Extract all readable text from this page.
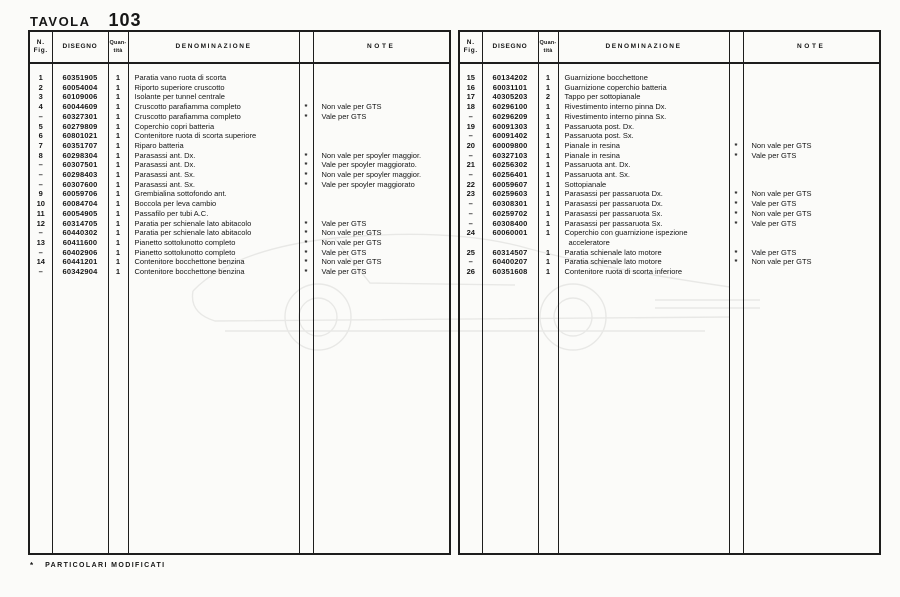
TAVOLA 103
N.
Fig.	DISEGNO	Quan-
tità	DENOMINAZIONE		NOTE
1	60351905	1	Paratia vano ruota di scorta		
2	60054004	1	Riporto superiore cruscotto		
3	60109006	1	Isolante per tunnel centrale		
4	60044609	1	Cruscotto parafiamma completo	*	Non vale per GTS
–	60327301	1	Cruscotto parafiamma completo	*	Vale per GTS
5	60279809	1	Coperchio copri batteria		
6	60801021	1	Contenitore ruota di scorta superiore		
7	60351707	1	Riparo batteria		
8	60298304	1	Parasassi ant. Dx.	*	Non vale per spoyler maggior.
–	60307501	1	Parasassi ant. Dx.	*	Vale per spoyler maggiorato.
–	60298403	1	Parasassi ant. Sx.	*	Non vale per spoyler maggior.
–	60307600	1	Parasassi ant. Sx.	*	Vale per spoyler maggiorato
9	60059706	1	Grembialina sottofondo ant.		
10	60084704	1	Boccola per leva cambio		
11	60054905	1	Passafilo per tubi A.C.		
12	60314705	1	Paratia per schienale lato abitacolo	*	Vale per GTS
–	60440302	1	Paratia per schienale lato abitacolo	*	Non vale per GTS
13	60411600	1	Pianetto sottolunotto completo	*	Non vale per GTS
–	60402906	1	Pianetto sottolunotto completo	*	Vale per GTS
14	60441201	1	Contenitore bocchettone benzina	*	Non vale per GTS
–	60342904	1	Contenitore bocchettone benzina	*	Vale per GTS

N.
Fig.	DISEGNO	Quan-
tità	DENOMINAZIONE		NOTE
15	60134202	1	Guarnizione bocchettone		
16	60031101	1	Guarnizione coperchio batteria		
17	40305203	2	Tappo per sottopianale		
18	60296100	1	Rivestimento interno pinna Dx.		
–	60296209	1	Rivestimento interno pinna Sx.		
19	60091303	1	Passaruota post. Dx.		
–	60091402	1	Passaruota post. Sx.		
20	60009800	1	Pianale in resina	*	Non vale per GTS
–	60327103	1	Pianale in resina	*	Vale per GTS
21	60256302	1	Passaruota ant. Dx.		
–	60256401	1	Passaruota ant. Sx.		
22	60059607	1	Sottopianale		
23	60259603	1	Parasassi per passaruota Dx.	*	Non vale per GTS
–	60308301	1	Parasassi per passaruota Dx.	*	Vale per GTS
–	60259702	1	Parasassi per passaruota Sx.	*	Non vale per GTS
–	60308400	1	Parasassi per passaruota Sx.	*	Vale per GTS
24	60060001	1	Coperchio con guarnizione ispezione acceleratore		
25	60314507	1	Paratia schienale lato motore	*	Vale per GTS
–	60400207	1	Paratia schienale lato motore	*	Non vale per GTS
26	60351608	1	Contenitore ruota di scorta inferiore		

* PARTICOLARI MODIFICATI
